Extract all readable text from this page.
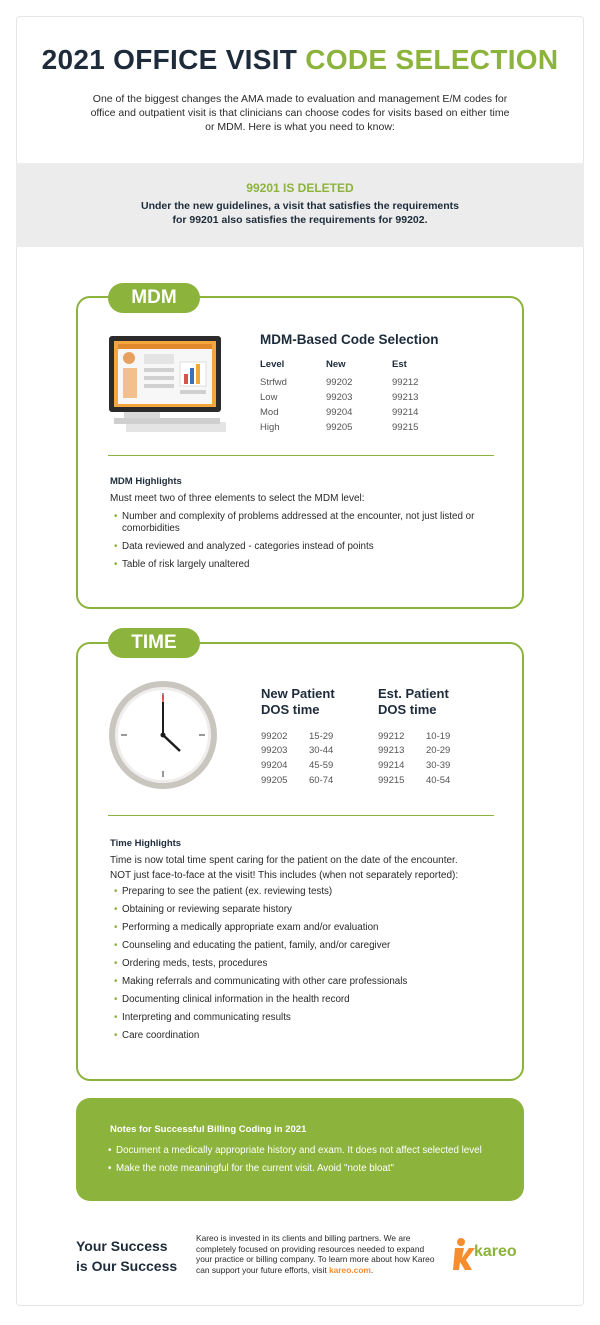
2021 OFFICE VISIT CODE SELECTION
One of the biggest changes the AMA made to evaluation and management E/M codes for office and outpatient visit is that clinicians can choose codes for visits based on either time or MDM. Here is what you need to know:
99201 IS DELETED
Under the new guidelines, a visit that satisfies the requirements for 99201 also satisfies the requirements for 99202.
MDM
MDM-Based Code Selection
Level	New	Est
Strfwd	99202	99212
Low	99203	99213
Mod	99204	99214
High	99205	99215
MDM Highlights
Must meet two of three elements to select the MDM level:
• Number and complexity of problems addressed at the encounter, not just listed or comorbidities
• Data reviewed and analyzed - categories instead of points
• Table of risk largely unaltered
TIME
New Patient
DOS time
Est. Patient
DOS time
99202 15-29
99203 30-44
99204 45-59
99205 60-74
99212 10-19
99213 20-29
99214 30-39
99215 40-54
Time Highlights
Time is now total time spent caring for the patient on the date of the encounter.
NOT just face-to-face at the visit! This includes (when not separately reported):
• Preparing to see the patient (ex. reviewing tests)
• Obtaining or reviewing separate history
• Performing a medically appropriate exam and/or evaluation
• Counseling and educating the patient, family, and/or caregiver
• Ordering meds, tests, procedures
• Making referrals and communicating with other care professionals
• Documenting clinical information in the health record
• Interpreting and communicating results
• Care coordination
Notes for Successful Billing Coding in 2021
• Document a medically appropriate history and exam. It does not affect selected level
• Make the note meaningful for the current visit. Avoid "note bloat"
Your Success
is Our Success
Kareo is invested in its clients and billing partners. We are completely focused on providing resources needed to expand your practice or billing company. To learn more about how Kareo can support your future efforts, visit kareo.com.
kareo
